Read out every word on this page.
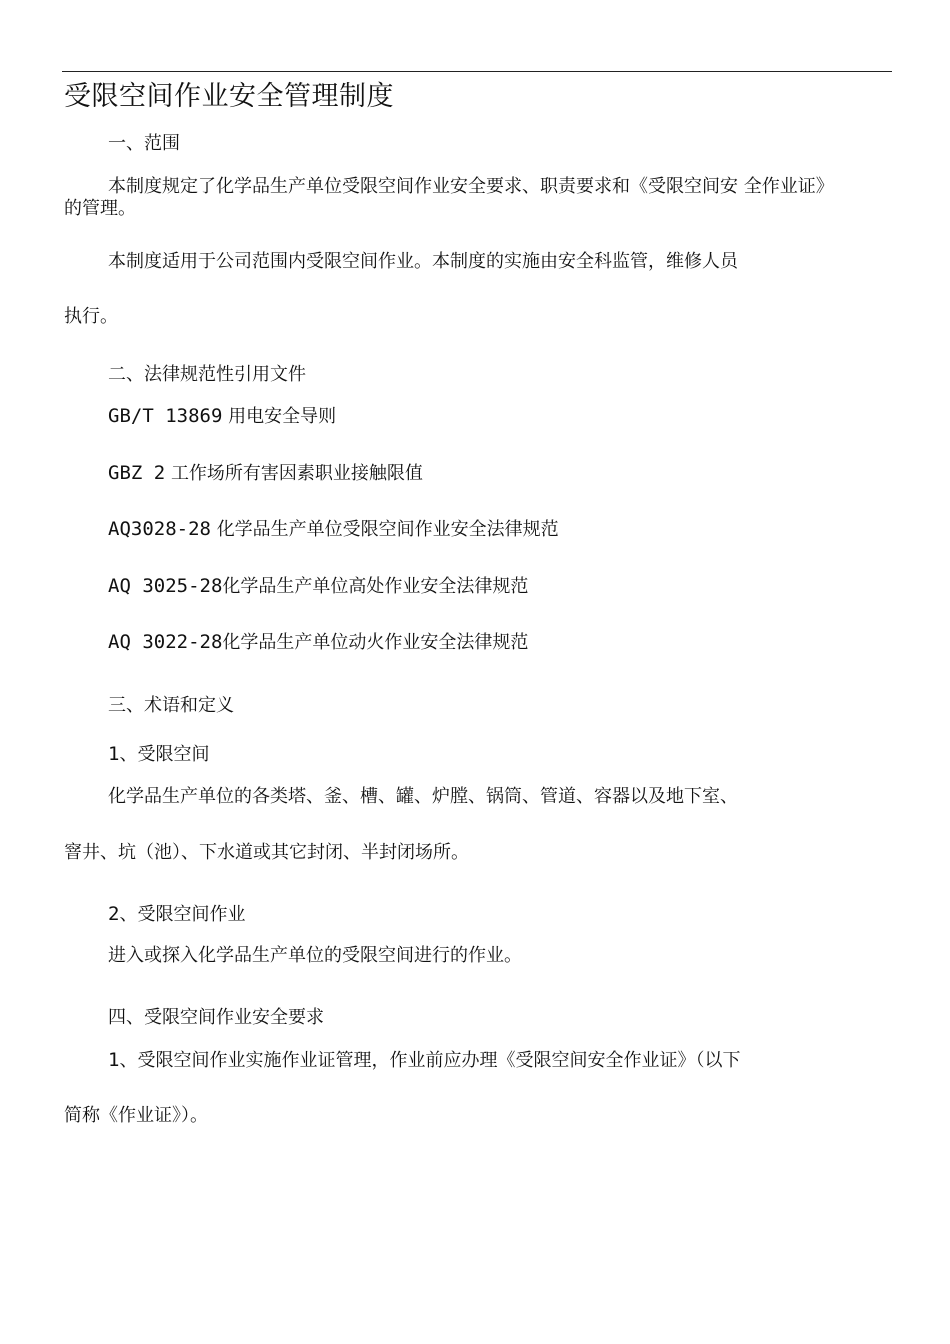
受限空间作业安全管理制度
一、范围
本制度规定了化学品生产单位受限空间作业安全要求、职责要求和《受限空间安 全作业证》
的管理。
本制度适用于公司范围内受限空间作业。本制度的实施由安全科监管，维修人员
执行。
二、法律规范性引用文件
GB/T 13869 用电安全导则
GBZ 2 工作场所有害因素职业接触限值
AQ3028-28 化学品生产单位受限空间作业安全法律规范
AQ 3025-28化学品生产单位高处作业安全法律规范
AQ 3022-28化学品生产单位动火作业安全法律规范
三、术语和定义
1、受限空间
化学品生产单位的各类塔、釜、槽、罐、炉膛、锅筒、管道、容器以及地下室、
窨井、坑（池）、下水道或其它封闭、半封闭场所。
2、受限空间作业
进入或探入化学品生产单位的受限空间进行的作业。
四、受限空间作业安全要求
1、受限空间作业实施作业证管理，作业前应办理《受限空间安全作业证》（以下
简称《作业证》）。
